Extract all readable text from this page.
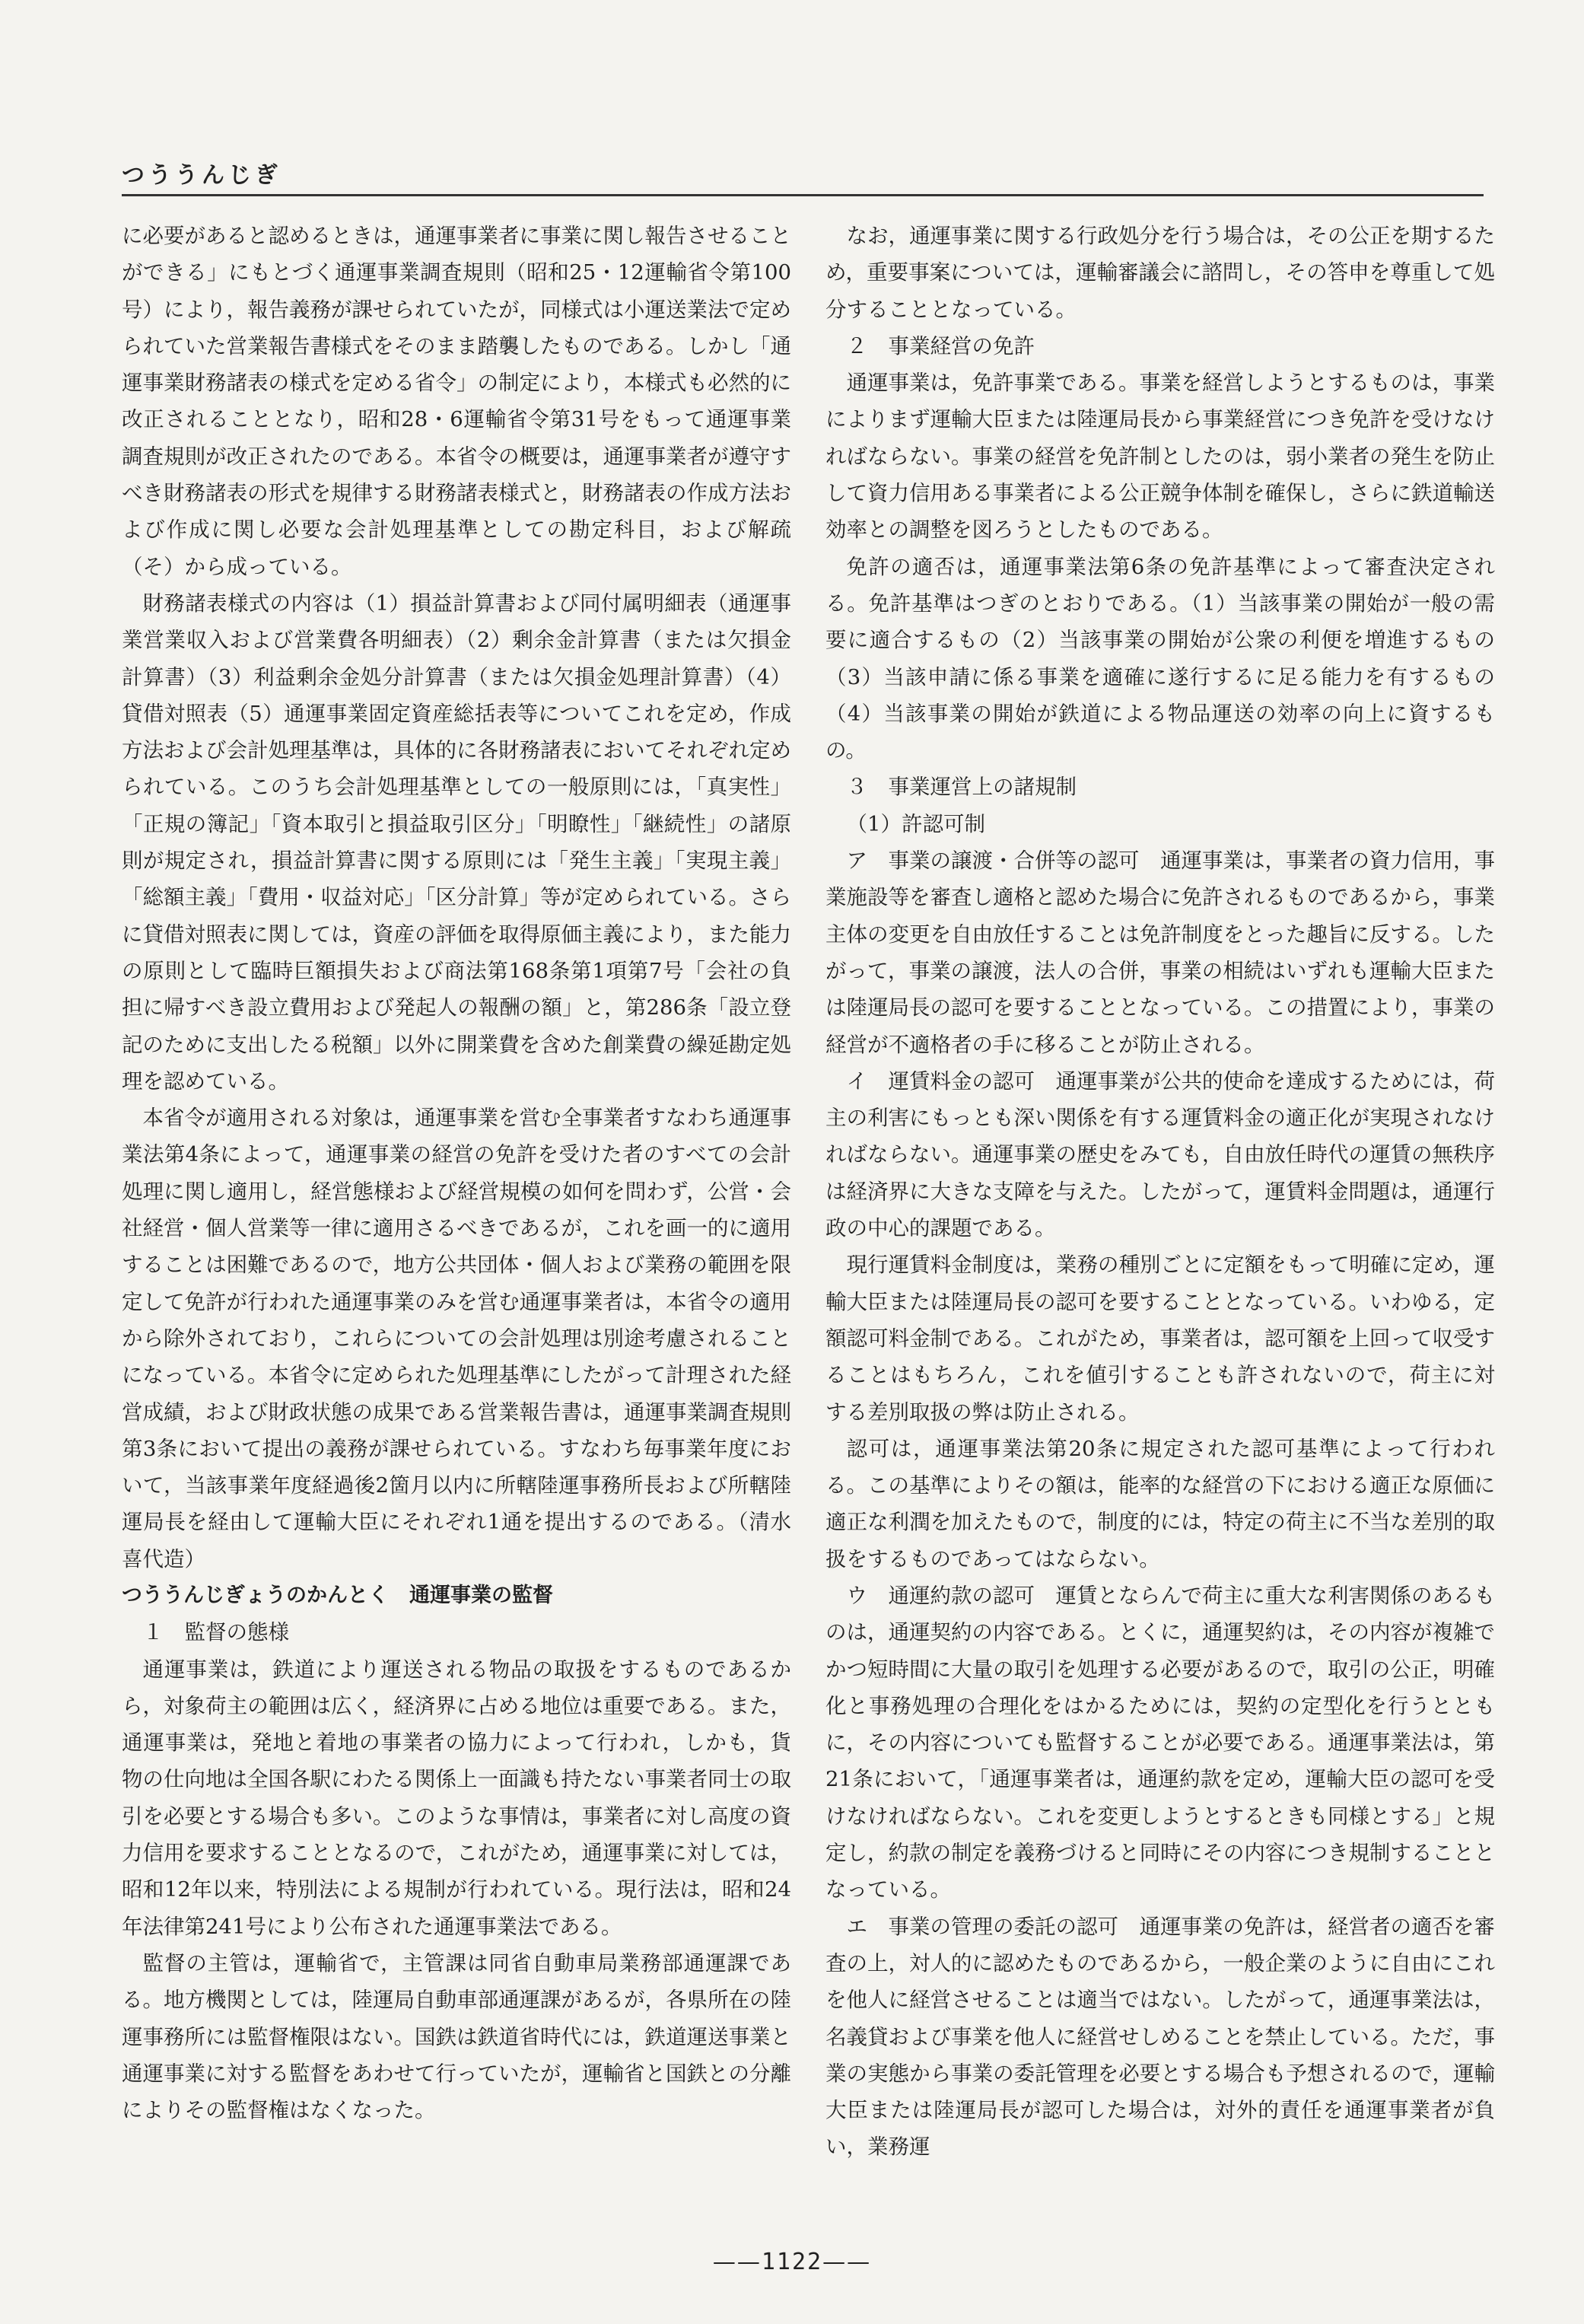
つううんじぎ

に必要があると認めるときは，通運事業者に事業に関し報告させることができる」にもとづく通運事業調査規則（昭和25・12運輸省令第100号）により，報告義務が課せられていたが，同様式は小運送業法で定められていた営業報告書様式をそのまま踏襲したものである。しかし「通運事業財務諸表の様式を定める省令」の制定により，本様式も必然的に改正されることとなり，昭和28・6運輸省令第31号をもって通運事業調査規則が改正されたのである。本省令の概要は，通運事業者が遵守すべき財務諸表の形式を規律する財務諸表様式と，財務諸表の作成方法および作成に関し必要な会計処理基準としての勘定科目，および解疏（そ）から成っている。

財務諸表様式の内容は（1）損益計算書および同付属明細表（通運事業営業収入および営業費各明細表）（2）剰余金計算書（または欠損金計算書）（3）利益剰余金処分計算書（または欠損金処理計算書）（4）貸借対照表（5）通運事業固定資産総括表等についてこれを定め，作成方法および会計処理基準は，具体的に各財務諸表においてそれぞれ定められている。このうち会計処理基準としての一般原則には，「真実性」「正規の簿記」「資本取引と損益取引区分」「明瞭性」「継続性」の諸原則が規定され，損益計算書に関する原則には「発生主義」「実現主義」「総額主義」「費用・収益対応」「区分計算」等が定められている。さらに貸借対照表に関しては，資産の評価を取得原価主義により，また能力の原則として臨時巨額損失および商法第168条第1項第7号「会社の負担に帰すべき設立費用および発起人の報酬の額」と，第286条「設立登記のために支出したる税額」以外に開業費を含めた創業費の繰延勘定処理を認めている。

本省令が適用される対象は，通運事業を営む全事業者すなわち通運事業法第4条によって，通運事業の経営の免許を受けた者のすべての会計処理に関し適用し，経営態様および経営規模の如何を問わず，公営・会社経営・個人営業等一律に適用さるべきであるが，これを画一的に適用することは困難であるので，地方公共団体・個人および業務の範囲を限定して免許が行われた通運事業のみを営む通運事業者は，本省令の適用から除外されており，これらについての会計処理は別途考慮されることになっている。本省令に定められた処理基準にしたがって計理された経営成績，および財政状態の成果である営業報告書は，通運事業調査規則第3条において提出の義務が課せられている。すなわち毎事業年度において，当該事業年度経過後2箇月以内に所轄陸運事務所長および所轄陸運局長を経由して運輸大臣にそれぞれ1通を提出するのである。（清水喜代造）

つううんじぎょうのかんとく　通運事業の監督

１　監督の態様

通運事業は，鉄道により運送される物品の取扱をするものであるから，対象荷主の範囲は広く，経済界に占める地位は重要である。また，通運事業は，発地と着地の事業者の協力によって行われ，しかも，貨物の仕向地は全国各駅にわたる関係上一面識も持たない事業者同士の取引を必要とする場合も多い。このような事情は，事業者に対し高度の資力信用を要求することとなるので，これがため，通運事業に対しては，昭和12年以来，特別法による規制が行われている。現行法は，昭和24年法律第241号により公布された通運事業法である。

監督の主管は，運輸省で，主管課は同省自動車局業務部通運課である。地方機関としては，陸運局自動車部通運課があるが，各県所在の陸運事務所には監督権限はない。国鉄は鉄道省時代には，鉄道運送事業と通運事業に対する監督をあわせて行っていたが，運輸省と国鉄との分離によりその監督権はなくなった。

なお，通運事業に関する行政処分を行う場合は，その公正を期するため，重要事案については，運輸審議会に諮問し，その答申を尊重して処分することとなっている。

２　事業経営の免許

通運事業は，免許事業である。事業を経営しようとするものは，事業によりまず運輸大臣または陸運局長から事業経営につき免許を受けなければならない。事業の経営を免許制としたのは，弱小業者の発生を防止して資力信用ある事業者による公正競争体制を確保し，さらに鉄道輸送効率との調整を図ろうとしたものである。

免許の適否は，通運事業法第6条の免許基準によって審査決定される。免許基準はつぎのとおりである。（1）当該事業の開始が一般の需要に適合するもの（2）当該事業の開始が公衆の利便を増進するもの（3）当該申請に係る事業を適確に遂行するに足る能力を有するもの（4）当該事業の開始が鉄道による物品運送の効率の向上に資するもの。

３　事業運営上の諸規制

（1）許認可制

ア　事業の譲渡・合併等の認可　通運事業は，事業者の資力信用，事業施設等を審査し適格と認めた場合に免許されるものであるから，事業主体の変更を自由放任することは免許制度をとった趣旨に反する。したがって，事業の譲渡，法人の合併，事業の相続はいずれも運輸大臣または陸運局長の認可を要することとなっている。この措置により，事業の経営が不適格者の手に移ることが防止される。

イ　運賃料金の認可　通運事業が公共的使命を達成するためには，荷主の利害にもっとも深い関係を有する運賃料金の適正化が実現されなければならない。通運事業の歴史をみても，自由放任時代の運賃の無秩序は経済界に大きな支障を与えた。したがって，運賃料金問題は，通運行政の中心的課題である。

現行運賃料金制度は，業務の種別ごとに定額をもって明確に定め，運輸大臣または陸運局長の認可を要することとなっている。いわゆる，定額認可料金制である。これがため，事業者は，認可額を上回って収受することはもちろん，これを値引することも許されないので，荷主に対する差別取扱の弊は防止される。

認可は，通運事業法第20条に規定された認可基準によって行われる。この基準によりその額は，能率的な経営の下における適正な原価に適正な利潤を加えたもので，制度的には，特定の荷主に不当な差別的取扱をするものであってはならない。

ウ　通運約款の認可　運賃とならんで荷主に重大な利害関係のあるものは，通運契約の内容である。とくに，通運契約は，その内容が複雑でかつ短時間に大量の取引を処理する必要があるので，取引の公正，明確化と事務処理の合理化をはかるためには，契約の定型化を行うとともに，その内容についても監督することが必要である。通運事業法は，第21条において，「通運事業者は，通運約款を定め，運輸大臣の認可を受けなければならない。これを変更しようとするときも同様とする」と規定し，約款の制定を義務づけると同時にその内容につき規制することとなっている。

エ　事業の管理の委託の認可　通運事業の免許は，経営者の適否を審査の上，対人的に認めたものであるから，一般企業のように自由にこれを他人に経営させることは適当ではない。したがって，通運事業法は，名義貸および事業を他人に経営せしめることを禁止している。ただ，事業の実態から事業の委託管理を必要とする場合も予想されるので，運輸大臣または陸運局長が認可した場合は，対外的責任を通運事業者が負い，業務運

——1122——
